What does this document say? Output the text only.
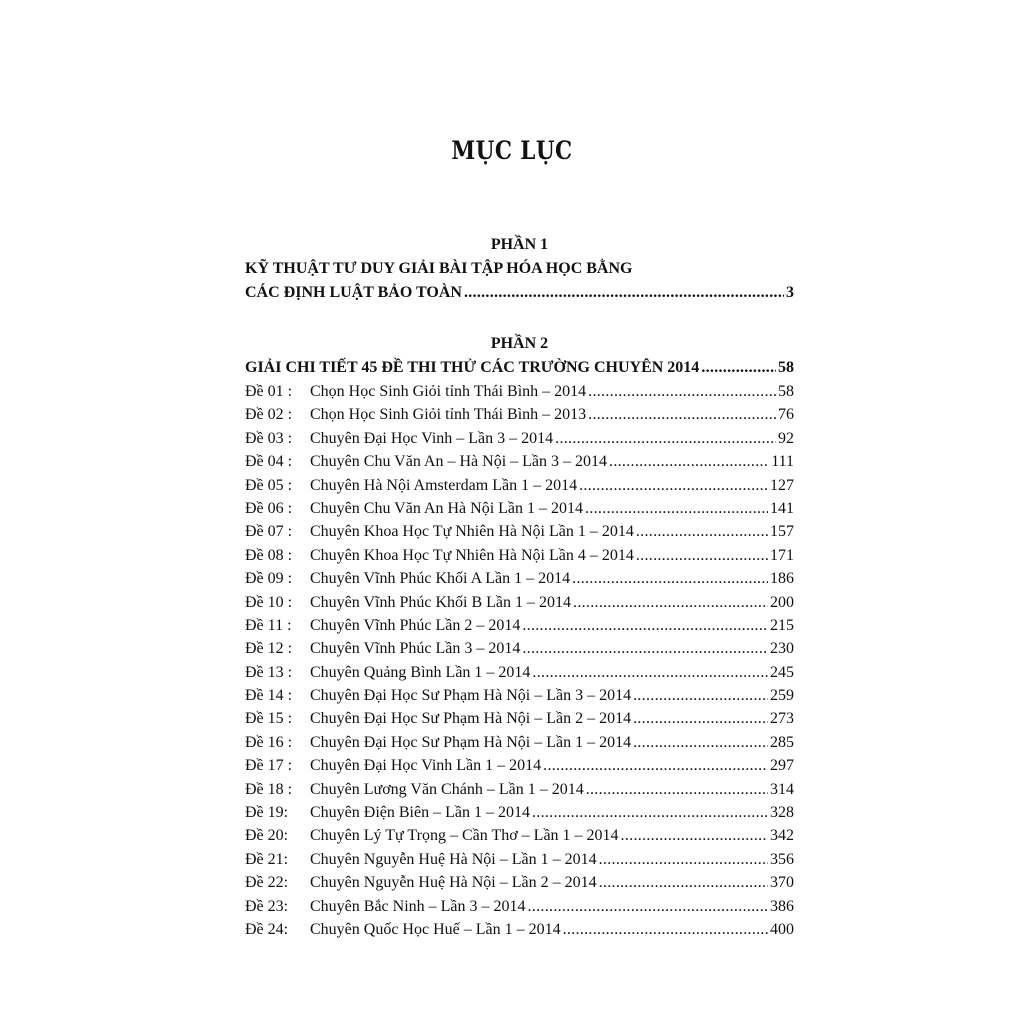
MỤC LỤC
PHẦN 1
KỸ THUẬT TƯ DUY GIẢI BÀI TẬP HÓA HỌC BẰNG
CÁC ĐỊNH LUẬT BẢO TOÀN .....	3
PHẦN 2
GIẢI CHI TIẾT 45 ĐỀ THI THỬ CÁC TRƯỜNG CHUYÊN 2014 .....	58
Đề 01 :	Chọn Học Sinh Giỏi tỉnh Thái Bình – 2014 .....	58
Đề 02 :	Chọn Học Sinh Giỏi tỉnh Thái Bình – 2013 .....	76
Đề 03 :	Chuyên Đại Học Vinh – Lần 3 – 2014 .....	92
Đề 04 :	Chuyên Chu Văn An – Hà Nội – Lần 3 – 2014 .....	111
Đề 05 :	Chuyên Hà Nội Amsterdam Lần 1 – 2014 .....	127
Đề 06 :	Chuyên Chu Văn An Hà Nội Lần 1 – 2014 .....	141
Đề 07 :	Chuyên Khoa Học Tự Nhiên Hà Nội Lần 1 – 2014 .....	157
Đề 08 :	Chuyên Khoa Học Tự Nhiên Hà Nội Lần 4 – 2014 .....	171
Đề 09 :	Chuyên Vĩnh Phúc Khối A Lần 1 – 2014 .....	186
Đề 10 :	Chuyên Vĩnh Phúc Khối B Lần 1 – 2014 .....	200
Đề 11 :	Chuyên Vĩnh Phúc Lần 2 – 2014 .....	215
Đề 12 :	Chuyên Vĩnh Phúc Lần 3 – 2014 .....	230
Đề 13 :	Chuyên Quảng Bình Lần 1 – 2014 .....	245
Đề 14 :	Chuyên Đại Học Sư Phạm Hà Nội – Lần 3 – 2014 .....	259
Đề 15 :	Chuyên Đại Học Sư Phạm Hà Nội – Lần 2 – 2014 .....	273
Đề 16 :	Chuyên Đại Học Sư Phạm Hà Nội – Lần 1 – 2014 .....	285
Đề 17 :	Chuyên Đại Học Vinh Lần 1 – 2014 .....	297
Đề 18 :	Chuyên Lương Văn Chánh – Lần 1 – 2014 .....	314
Đề 19:	Chuyên Điện Biên – Lần 1 – 2014 .....	328
Đề 20:	Chuyên Lý Tự Trọng – Cần Thơ – Lần 1 – 2014 .....	342
Đề 21:	Chuyên Nguyễn Huệ Hà Nội – Lần 1 – 2014 .....	356
Đề 22:	Chuyên Nguyễn Huệ Hà Nội – Lần 2 – 2014 .....	370
Đề 23:	Chuyên Bắc Ninh – Lần 3 – 2014 .....	386
Đề 24:	Chuyên Quốc Học Huế – Lần 1 – 2014 .....	400
